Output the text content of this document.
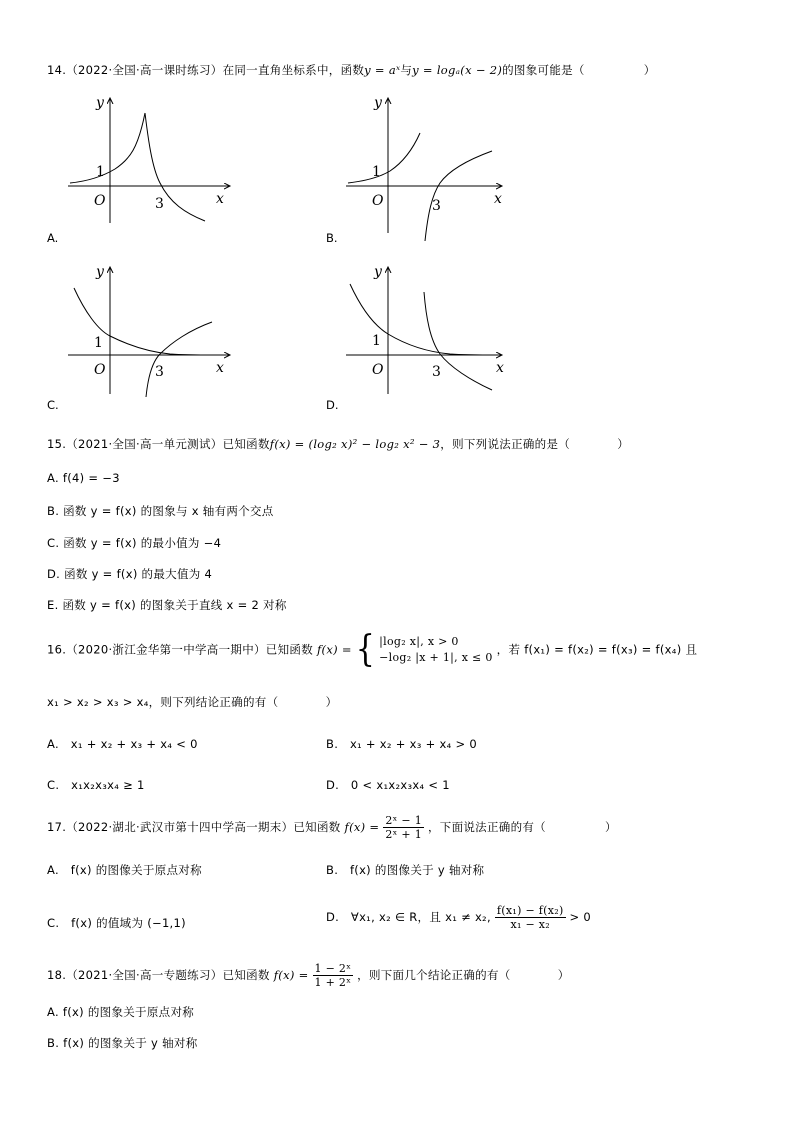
14.（2022·全国·高一课时练习）在同一直角坐标系中，函数y = aˣ与y = logₐ(x − 2)的图象可能是（　　　　　）
y
x
O
1
3
A.
y
x
O
1
3
B.
y
x
O
1
3
C.
y
x
O
1
3
D.
15.（2021·全国·高一单元测试）已知函数f(x) = (log₂ x)² − log₂ x² − 3，则下列说法正确的是（　　　　）
A. f(4) = −3
B. 函数 y = f(x) 的图象与 x 轴有两个交点
C. 函数 y = f(x) 的最小值为 −4
D. 函数 y = f(x) 的最大值为 4
E. 函数 y = f(x) 的图象关于直线 x = 2 对称
16.（2020·浙江金华第一中学高一期中）已知函数 f(x) = { |log₂ x|, x > 0
−log₂ |x + 1|, x ≤ 0
，若 f(x₁) = f(x₂) = f(x₃) = f(x₄) 且
x₁ > x₂ > x₃ > x₄，则下列结论正确的有（　　　　）
A.　x₁ + x₂ + x₃ + x₄ < 0	B.　x₁ + x₂ + x₃ + x₄ > 0
C.　x₁x₂x₃x₄ ≥ 1	D.　0 < x₁x₂x₃x₄ < 1
17.（2022·湖北·武汉市第十四中学高一期末）已知函数 $f(x) = \frac{\text{2ˣ − 1}}{\text{2ˣ + 1}}$ ，下面说法正确的有（　　　　　）
A.　f(x) 的图像关于原点对称	B.　f(x) 的图像关于 y 轴对称
C.　f(x) 的值域为 (−1,1)	D.　∀x₁, x₂ ∈ R，且 x₁ ≠ x₂, $\frac{\text{f(x₁) − f(x₂)}}{\text{x₁ − x₂}} > 0$
18.（2021·全国·高一专题练习）已知函数 $f(x) = \frac{\text{1 − 2ˣ}}{\text{1 + 2ˣ}}$ ，则下面几个结论正确的有（　　　　）
A. f(x) 的图象关于原点对称
B. f(x) 的图象关于 y 轴对称
